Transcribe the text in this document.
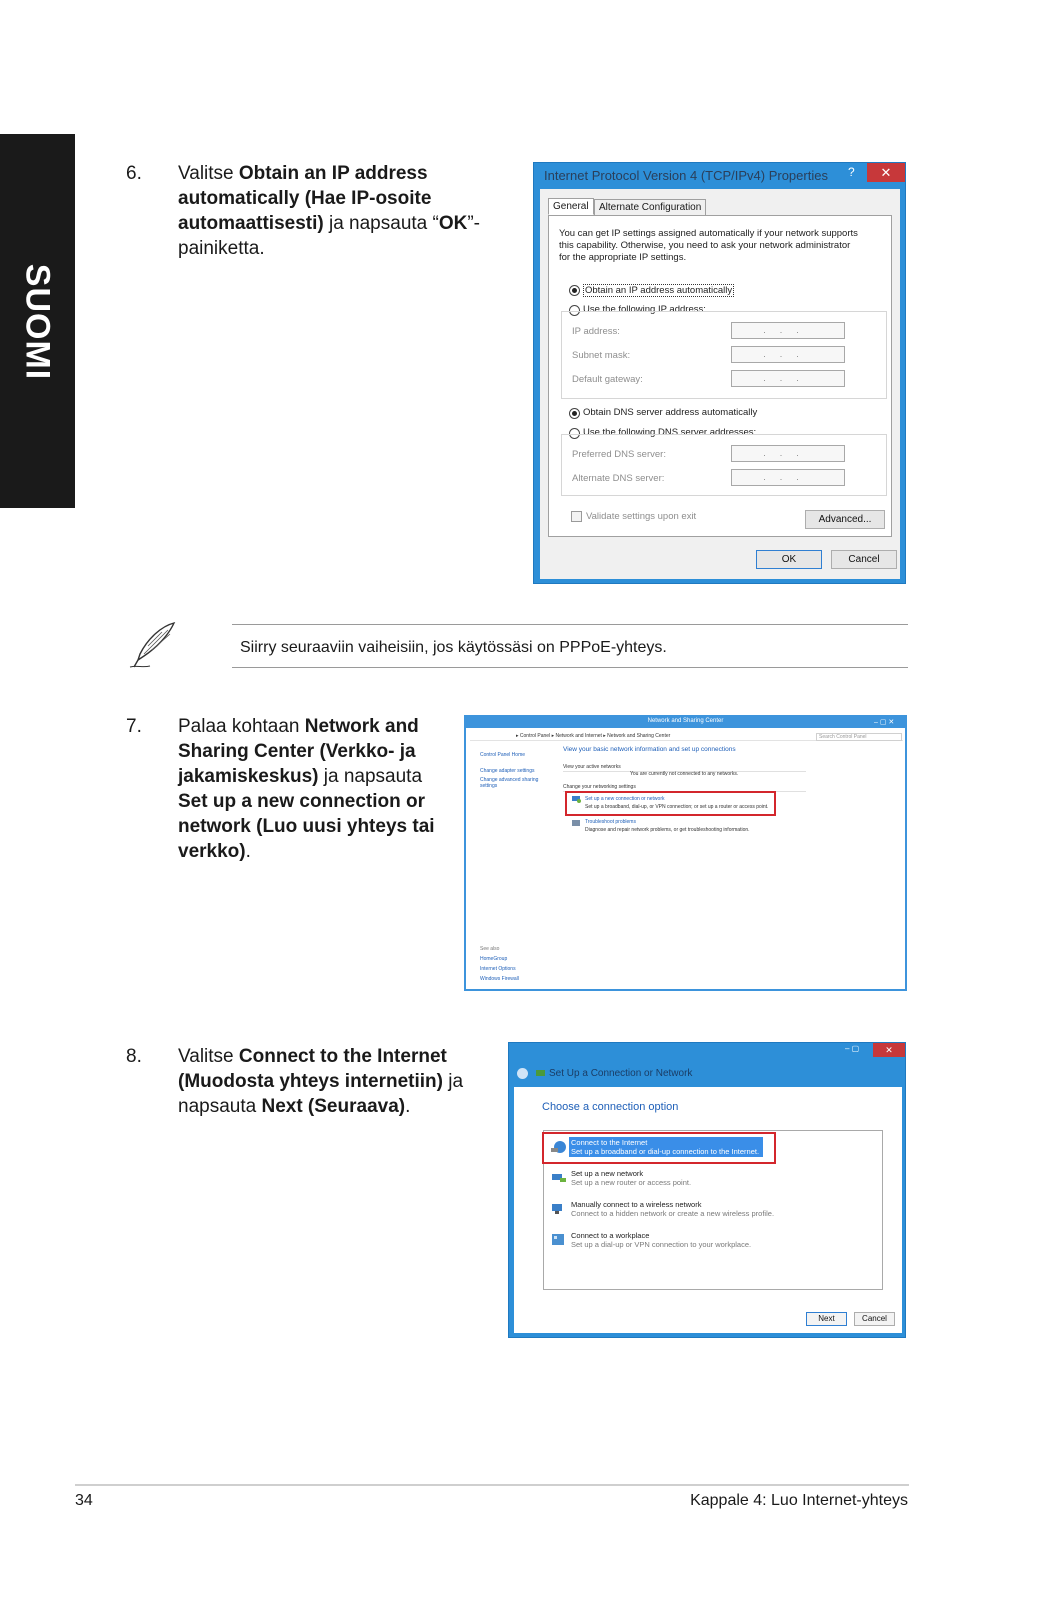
SUOMI
6. Valitse Obtain an IP address automatically (Hae IP-osoite automaattisesti) ja napsauta “OK”-painiketta.
Internet Protocol Version 4 (TCP/IPv4) Properties ?	✕
General	Alternate Configuration
You can get IP settings assigned automatically if your network supports
this capability. Otherwise, you need to ask your network administrator
for the appropriate IP settings.
Obtain an IP address automatically
Use the following IP address:
IP address:	...
Subnet mask:	...
Default gateway:	...
Obtain DNS server address automatically
Use the following DNS server addresses:
Preferred DNS server:	...
Alternate DNS server:	...
Validate settings upon exit	Advanced...
OK	Cancel
Siirry seuraaviin vaiheisiin, jos käytössäsi on PPPoE-yhteys.
7. Palaa kohtaan Network and Sharing Center (Verkko- ja jakamiskeskus) ja napsauta Set up a new connection or network (Luo uusi yhteys tai verkko).
Network and Sharing Center	– ▢ ✕
▸ Control Panel ▸ Network and Internet ▸ Network and Sharing Center	Search Control Panel
Control Panel Home
Change adapter settings
Change advanced sharing
settings
See also
HomeGroup
Internet Options
Windows Firewall
View your basic network information and set up connections
View your active networks
You are currently not connected to any networks.
Change your networking settings
Set up a new connection or network
Set up a broadband, dial-up, or VPN connection; or set up a router or access point.
Troubleshoot problems
Diagnose and repair network problems, or get troubleshooting information.
8. Valitse Connect to the Internet (Muodosta yhteys internetiin) ja napsauta Next (Seuraava).
– ▢	✕
Set Up a Connection or Network
Choose a connection option
Connect to the Internet
Set up a broadband or dial-up connection to the Internet.
Set up a new network
Set up a new router or access point.
Manually connect to a wireless network
Connect to a hidden network or create a new wireless profile.
Connect to a workplace
Set up a dial-up or VPN connection to your workplace.
Next	Cancel
34	Kappale 4: Luo Internet-yhteys
